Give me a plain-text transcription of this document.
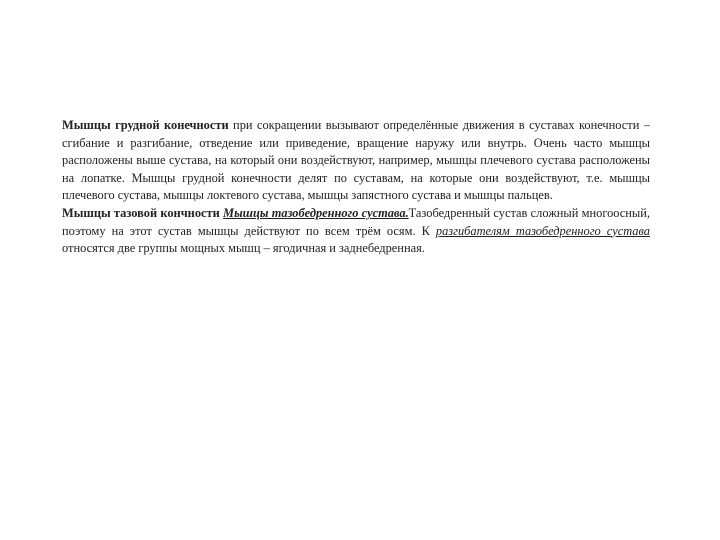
Мышцы грудной конечности при сокращении вызывают определённые движения в суставах конечности – сгибание и разгибание, отведение или приведение, вращение наружу или внутрь. Очень часто мышцы расположены выше сустава, на который они воздействуют, например, мышцы плечевого сустава расположены на лопатке. Мышцы грудной конечности делят по суставам, на которые они воздействуют, т.е. мышцы плечевого сустава, мышцы локтевого сустава, мышцы запястного сустава и мышцы пальцев.

Мышцы тазовой кончности Мышцы тазобедренного сустава.Тазобедренный сустав сложный многоосный, поэтому на этот сустав мышцы действуют по всем трём осям. К разгибателям тазобедренного сустава относятся две группы мощных мышц – ягодичная и заднебедренная.
